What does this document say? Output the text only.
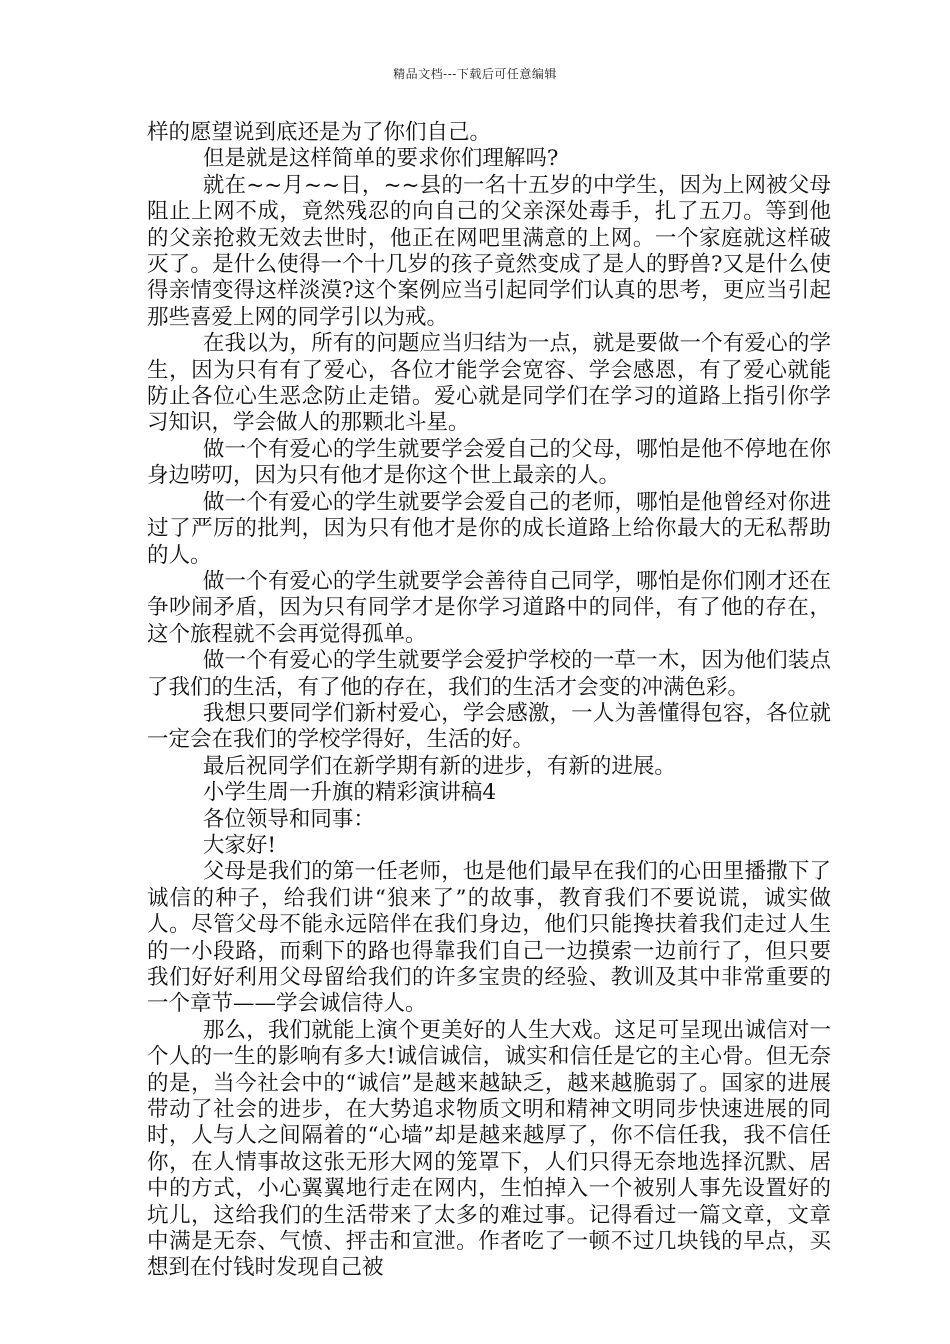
精品文档---下载后可任意编辑

样的愿望说到底还是为了你们自己。

但是就是这样简单的要求你们理解吗?

就在~~月~~日，~~县的一名十五岁的中学生，因为上网被父母阻止上网不成，竟然残忍的向自己的父亲深处毒手，扎了五刀。等到他的父亲抢救无效去世时，他正在网吧里满意的上网。一个家庭就这样破灭了。是什么使得一个十几岁的孩子竟然变成了是人的野兽?又是什么使得亲情变得这样淡漠?这个案例应当引起同学们认真的思考，更应当引起那些喜爱上网的同学引以为戒。

在我以为，所有的问题应当归结为一点，就是要做一个有爱心的学生，因为只有有了爱心，各位才能学会宽容、学会感恩，有了爱心就能防止各位心生恶念防止走错。爱心就是同学们在学习的道路上指引你学习知识，学会做人的那颗北斗星。

做一个有爱心的学生就要学会爱自己的父母，哪怕是他不停地在你身边唠叨，因为只有他才是你这个世上最亲的人。

做一个有爱心的学生就要学会爱自己的老师，哪怕是他曾经对你进过了严厉的批判，因为只有他才是你的成长道路上给你最大的无私帮助的人。

做一个有爱心的学生就要学会善待自己同学，哪怕是你们刚才还在争吵闹矛盾，因为只有同学才是你学习道路中的同伴，有了他的存在，这个旅程就不会再觉得孤单。

做一个有爱心的学生就要学会爱护学校的一草一木，因为他们装点了我们的生活，有了他的存在，我们的生活才会变的冲满色彩。

我想只要同学们新村爱心，学会感激，一人为善懂得包容，各位就一定会在我们的学校学得好，生活的好。

最后祝同学们在新学期有新的进步，有新的进展。

小学生周一升旗的精彩演讲稿4

各位领导和同事：

大家好!

父母是我们的第一任老师，也是他们最早在我们的心田里播撒下了诚信的种子，给我们讲“狼来了”的故事，教育我们不要说谎，诚实做人。尽管父母不能永远陪伴在我们身边，他们只能搀扶着我们走过人生的一小段路，而剩下的路也得靠我们自己一边摸索一边前行了，但只要我们好好利用父母留给我们的许多宝贵的经验、教训及其中非常重要的一个章节——学会诚信待人。

那么，我们就能上演个更美好的人生大戏。这足可呈现出诚信对一个人的一生的影响有多大!诚信诚信，诚实和信任是它的主心骨。但无奈的是，当今社会中的“诚信”是越来越缺乏，越来越脆弱了。国家的进展带动了社会的进步，在大势追求物质文明和精神文明同步快速进展的同时，人与人之间隔着的“心墙”却是越来越厚了，你不信任我，我不信任你，在人情事故这张无形大网的笼罩下，人们只得无奈地选择沉默、居中的方式，小心翼翼地行走在网内，生怕掉入一个被别人事先设置好的坑儿，这给我们的生活带来了太多的难过事。记得看过一篇文章，文章中满是无奈、气愤、抨击和宣泄。作者吃了一顿不过几块钱的早点，买想到在付钱时发现自己被
